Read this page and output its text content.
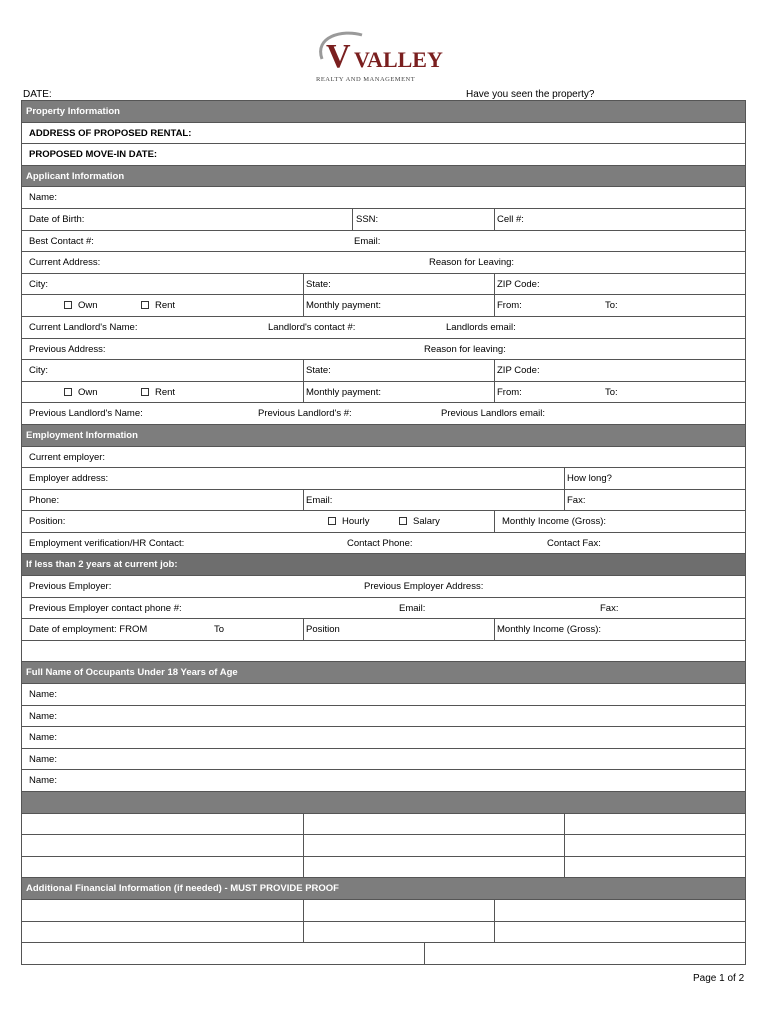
V VALLEY
REALTY AND MANAGEMENT
DATE:	Have you seen the property?
Property Information
ADDRESS OF PROPOSED RENTAL:
PROPOSED MOVE-IN DATE:
Applicant Information
Name:
Date of Birth:	SSN:	Cell #:
Best Contact #:	Email:
Current Address:	Reason for Leaving:
City:	State:	ZIP Code:
Own	Rent	Monthly payment:	From:	To:
Current Landlord's Name:	Landlord's contact #:	Landlords email:
Previous Address:	Reason for leaving:
City:	State:	ZIP Code:
Own	Rent	Monthly payment:	From:	To:
Previous Landlord's Name:	Previous Landlord's #:	Previous Landlors email:
Employment Information
Current employer:
Employer address:	How long?
Phone:	Email:	Fax:
Position:	Hourly	Salary	Monthly Income (Gross):
Employment verification/HR Contact:	Contact Phone:	Contact Fax:
If less than 2 years at current job:
Previous Employer:	Previous Employer Address:
Previous Employer contact phone #:	Email:	Fax:
Date of employment: FROM	To	Position	Monthly Income (Gross):
Full Name of Occupants Under 18 Years of Age
Name:
Name:
Name:
Name:
Name:
Additional Financial Information (if needed) - MUST PROVIDE PROOF
Page 1 of 2
